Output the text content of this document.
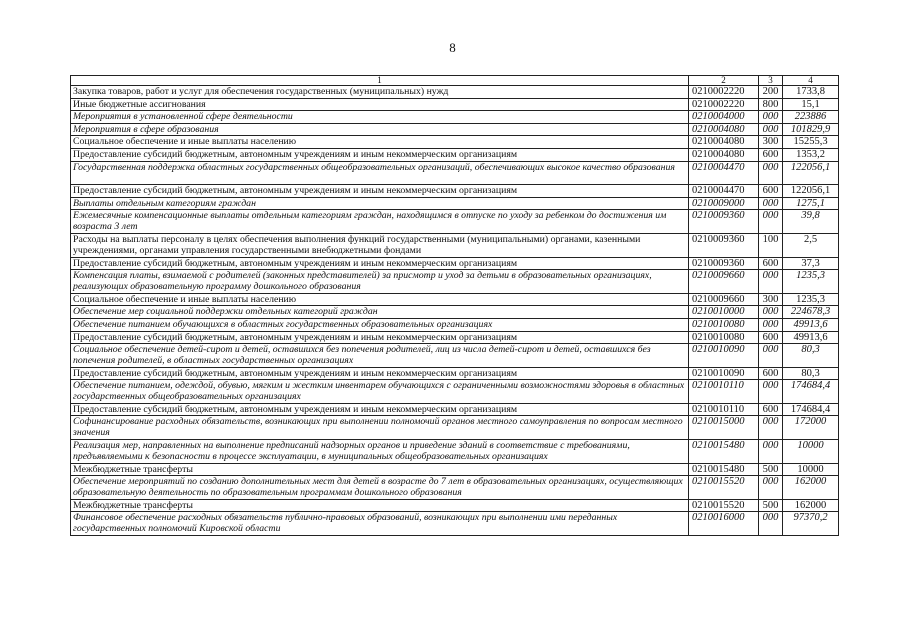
8
1	2	3	4
Закупка товаров, работ и услуг для обеспечения государственных (муниципальных) нужд	0210002220	200	1733,8
Иные бюджетные ассигнования	0210002220	800	15,1
Мероприятия в установленной сфере деятельности	0210004000	000	223886
Мероприятия в сфере образования	0210004080	000	101829,9
Социальное обеспечение и иные выплаты населению	0210004080	300	15255,3
Предоставление субсидий бюджетным, автономным учреждениям и иным некоммерческим организациям	0210004080	600	1353,2
Государственная поддержка областных государственных общеобразовательных организаций, обеспечивающих высокое качество образования	0210004470	000	122056,1
Предоставление субсидий бюджетным, автономным учреждениям и иным некоммерческим организациям	0210004470	600	122056,1
Выплаты отдельным категориям граждан	0210009000	000	1275,1
Ежемесячные компенсационные выплаты отдельным категориям граждан, находящимся в отпуске по уходу за ребенком до достижения им возраста 3 лет	0210009360	000	39,8
Расходы на выплаты персоналу в целях обеспечения выполнения функций государственными (муниципальными) органами, казенными учреждениями, органами управления государственными внебюджетными фондами	0210009360	100	2,5
Предоставление субсидий бюджетным, автономным учреждениям и иным некоммерческим организациям	0210009360	600	37,3
Компенсация платы, взимаемой с родителей (законных представителей) за присмотр и уход за детьми в образовательных организациях, реализующих образовательную программу дошкольного образования	0210009660	000	1235,3
Социальное обеспечение и иные выплаты населению	0210009660	300	1235,3
Обеспечение мер социальной поддержки отдельных категорий граждан	0210010000	000	224678,3
Обеспечение питанием обучающихся в областных государственных образовательных организациях	0210010080	000	49913,6
Предоставление субсидий бюджетным, автономным учреждениям и иным некоммерческим организациям	0210010080	600	49913,6
Социальное обеспечение детей-сирот и детей, оставшихся без попечения родителей, лиц из числа детей-сирот и детей, оставшихся без попечения родителей, в областных государственных организациях	0210010090	000	80,3
Предоставление субсидий бюджетным, автономным учреждениям и иным некоммерческим организациям	0210010090	600	80,3
Обеспечение питанием, одеждой, обувью, мягким и жестким инвентарем обучающихся с ограниченными возможностями здоровья в областных государственных общеобразовательных организациях	0210010110	000	174684,4
Предоставление субсидий бюджетным, автономным учреждениям и иным некоммерческим организациям	0210010110	600	174684,4
Софинансирование расходных обязательств, возникающих при выполнении полномочий органов местного самоуправления по вопросам местного значения	0210015000	000	172000
Реализация мер, направленных на выполнение предписаний надзорных органов и приведение зданий в соответствие с требованиями, предъявляемыми к безопасности в процессе эксплуатации, в муниципальных общеобразовательных организациях	0210015480	000	10000
Межбюджетные трансферты	0210015480	500	10000
Обеспечение мероприятий по созданию дополнительных мест для детей в возрасте до 7 лет в образовательных организациях, осуществляющих образовательную деятельность по образовательным программам дошкольного образования	0210015520	000	162000
Межбюджетные трансферты	0210015520	500	162000
Финансовое обеспечение расходных обязательств публично-правовых образований, возникающих при выполнении ими переданных государственных полномочий Кировской области	0210016000	000	97370,2
